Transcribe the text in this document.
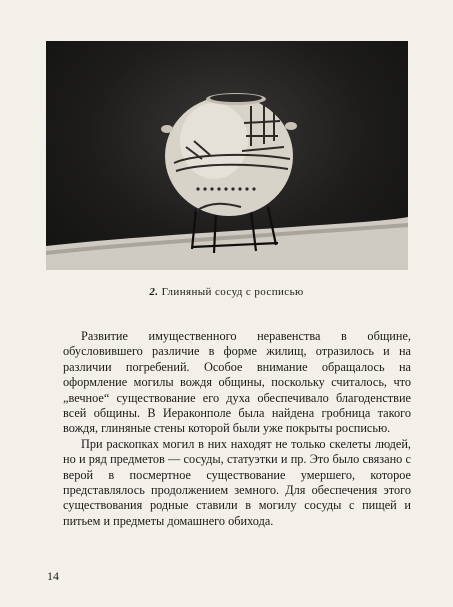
2. Глиняный сосуд с росписью

Развитие имущественного неравенства в общине, обусловившего различие в форме жилищ, отразилось и на различии погребений. Особое внимание обращалось на оформление могилы вождя общины, поскольку считалось, что „вечное“ существование его духа обеспечивало благоденствие всей общины. В Иераконполе была найдена гробница такого вождя, глиняные стены которой были уже покрыты росписью.

При раскопках могил в них находят не только скелеты людей, но и ряд предметов — сосуды, статуэтки и пр. Это было связано с верой в посмертное существование умершего, которое представлялось продолжением земного. Для обеспечения этого существования родные ставили в могилу сосуды с пищей и питьем и предметы домашнего обихода.

14
